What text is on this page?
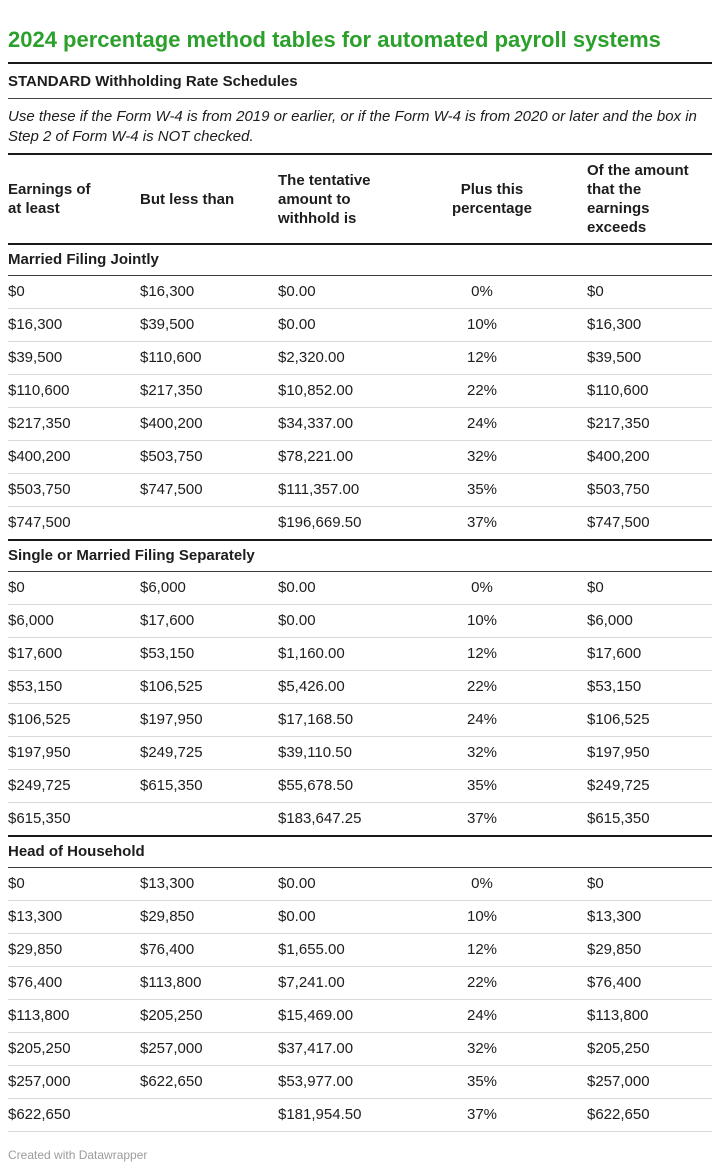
2024 percentage method tables for automated payroll systems
STANDARD Withholding Rate Schedules

Use these if the Form W-4 is from 2019 or earlier, or if the Form W-4 is from 2020 or later and the box in Step 2 of Form W-4 is NOT checked.

Earnings of at least	But less than	The tentative amount to withhold is	Plus this percentage	Of the amount that the earnings exceeds

Married Filing Jointly				
$0	$16,300	$0.00	0%	$0
$16,300	$39,500	$0.00	10%	$16,300
$39,500	$110,600	$2,320.00	12%	$39,500
$110,600	$217,350	$10,852.00	22%	$110,600
$217,350	$400,200	$34,337.00	24%	$217,350
$400,200	$503,750	$78,221.00	32%	$400,200
$503,750	$747,500	$111,357.00	35%	$503,750
$747,500		$196,669.50	37%	$747,500
Single or Married Filing Separately				
$0	$6,000	$0.00	0%	$0
$6,000	$17,600	$0.00	10%	$6,000
$17,600	$53,150	$1,160.00	12%	$17,600
$53,150	$106,525	$5,426.00	22%	$53,150
$106,525	$197,950	$17,168.50	24%	$106,525
$197,950	$249,725	$39,110.50	32%	$197,950
$249,725	$615,350	$55,678.50	35%	$249,725
$615,350		$183,647.25	37%	$615,350
Head of Household				
$0	$13,300	$0.00	0%	$0
$13,300	$29,850	$0.00	10%	$13,300
$29,850	$76,400	$1,655.00	12%	$29,850
$76,400	$113,800	$7,241.00	22%	$76,400
$113,800	$205,250	$15,469.00	24%	$113,800
$205,250	$257,000	$37,417.00	32%	$205,250
$257,000	$622,650	$53,977.00	35%	$257,000
$622,650		$181,954.50	37%	$622,650
Created with Datawrapper
